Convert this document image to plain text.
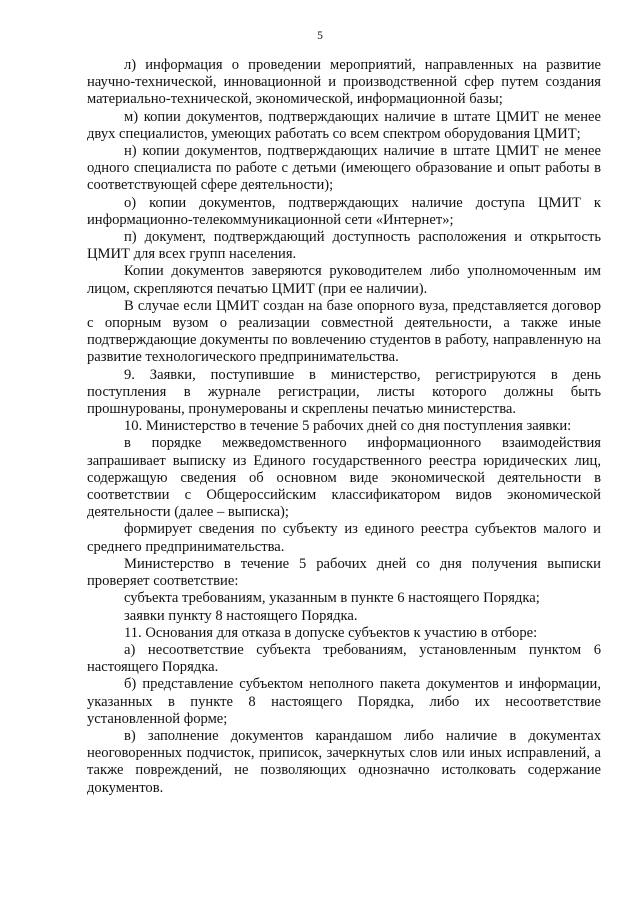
5

л) информация о проведении мероприятий, направленных на развитие научно-технической, инновационной и производственной сфер путем создания материально-технической, экономической, информационной базы;

м) копии документов, подтверждающих наличие в штате ЦМИТ не менее двух специалистов, умеющих работать со всем спектром оборудования ЦМИТ;

н) копии документов, подтверждающих наличие в штате ЦМИТ не менее одного специалиста по работе с детьми (имеющего образование и опыт работы в соответствующей сфере деятельности);

о) копии документов, подтверждающих наличие доступа ЦМИТ к информационно-телекоммуникационной сети «Интернет»;

п) документ, подтверждающий доступность расположения и открытость ЦМИТ для всех групп населения.

Копии документов заверяются руководителем либо уполномоченным им лицом, скрепляются печатью ЦМИТ (при ее наличии).

В случае если ЦМИТ создан на базе опорного вуза, представляется договор с опорным вузом о реализации совместной деятельности, а также иные подтверждающие документы по вовлечению студентов в работу, направленную на развитие технологического предпринимательства.

9. Заявки, поступившие в министерство, регистрируются в день поступления в журнале регистрации, листы которого должны быть прошнурованы, пронумерованы и скреплены печатью министерства.

10. Министерство в течение 5 рабочих дней со дня поступления заявки:

в порядке межведомственного информационного взаимодействия запрашивает выписку из Единого государственного реестра юридических лиц, содержащую сведения об основном виде экономической деятельности в соответствии с Общероссийским классификатором видов экономической деятельности (далее – выписка);

формирует сведения по субъекту из единого реестра субъектов малого и среднего предпринимательства.

Министерство в течение 5 рабочих дней со дня получения выписки проверяет соответствие:

субъекта требованиям, указанным в пункте 6 настоящего Порядка;

заявки пункту 8 настоящего Порядка.

11. Основания для отказа в допуске субъектов к участию в отборе:

а) несоответствие субъекта требованиям, установленным пунктом 6 настоящего Порядка.

б) представление субъектом неполного пакета документов и информации, указанных в пункте 8 настоящего Порядка, либо их несоответствие установленной форме;

в) заполнение документов карандашом либо наличие в документах неоговоренных подчисток, приписок, зачеркнутых слов или иных исправлений, а также повреждений, не позволяющих однозначно истолковать содержание документов.
